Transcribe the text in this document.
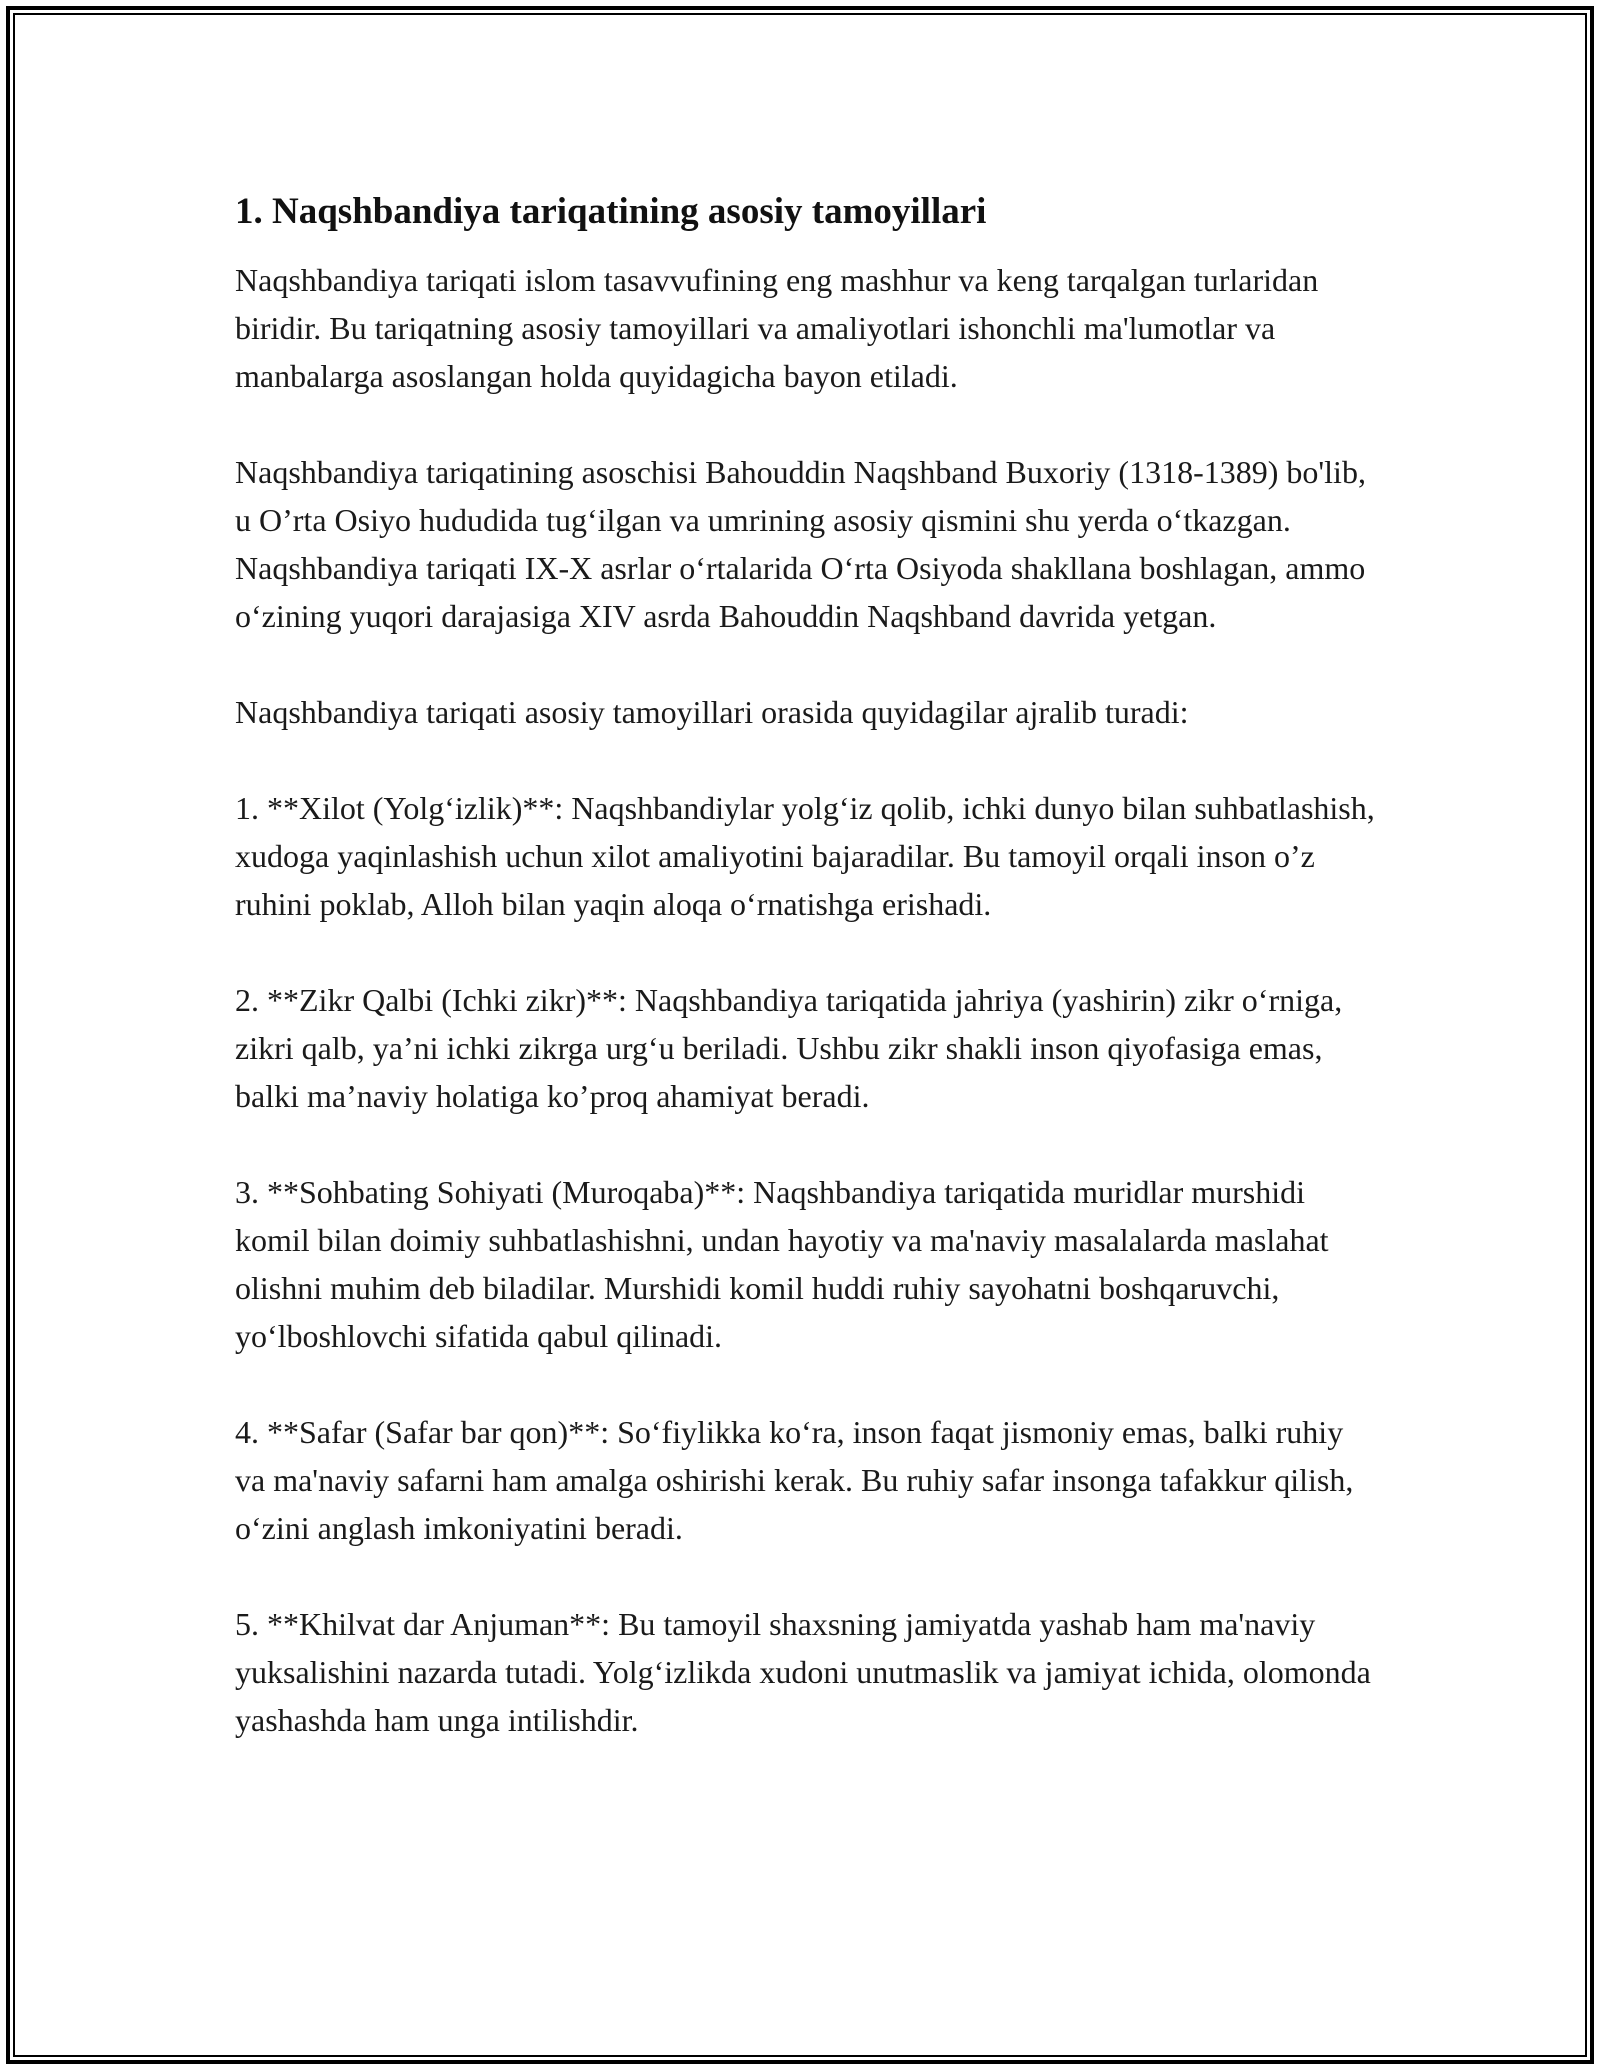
1. Naqshbandiya tariqatining asosiy tamoyillari

Naqshbandiya tariqati islom tasavvufining eng mashhur va keng tarqalgan turlaridan biridir. Bu tariqatning asosiy tamoyillari va amaliyotlari ishonchli ma'lumotlar va manbalarga asoslangan holda quyidagicha bayon etiladi.

Naqshbandiya tariqatining asoschisi Bahouddin Naqshband Buxoriy (1318-1389) bo'lib, u O’rta Osiyo hududida tug‘ilgan va umrining asosiy qismini shu yerda o‘tkazgan. Naqshbandiya tariqati IX-X asrlar o‘rtalarida O‘rta Osiyoda shakllana boshlagan, ammo o‘zining yuqori darajasiga XIV asrda Bahouddin Naqshband davrida yetgan.

Naqshbandiya tariqati asosiy tamoyillari orasida quyidagilar ajralib turadi:

1. **Xilot (Yolg‘izlik)**: Naqshbandiylar yolg‘iz qolib, ichki dunyo bilan suhbatlashish, xudoga yaqinlashish uchun xilot amaliyotini bajaradilar. Bu tamoyil orqali inson o’z ruhini poklab, Alloh bilan yaqin aloqa o‘rnatishga erishadi.

2. **Zikr Qalbi (Ichki zikr)**: Naqshbandiya tariqatida jahriya (yashirin) zikr o‘rniga, zikri qalb, ya’ni ichki zikrga urg‘u beriladi. Ushbu zikr shakli inson qiyofasiga emas, balki ma’naviy holatiga ko’proq ahamiyat beradi.

3. **Sohbating Sohiyati (Muroqaba)**: Naqshbandiya tariqatida muridlar murshidi komil bilan doimiy suhbatlashishni, undan hayotiy va ma'naviy masalalarda maslahat olishni muhim deb biladilar. Murshidi komil huddi ruhiy sayohatni boshqaruvchi, yo‘lboshlovchi sifatida qabul qilinadi.

4. **Safar (Safar bar qon)**: So‘fiylikka ko‘ra, inson faqat jismoniy emas, balki ruhiy va ma'naviy safarni ham amalga oshirishi kerak. Bu ruhiy safar insonga tafakkur qilish, o‘zini anglash imkoniyatini beradi.

5. **Khilvat dar Anjuman**: Bu tamoyil shaxsning jamiyatda yashab ham ma'naviy yuksalishini nazarda tutadi. Yolg‘izlikda xudoni unutmaslik va jamiyat ichida, olomonda yashashda ham unga intilishdir.
